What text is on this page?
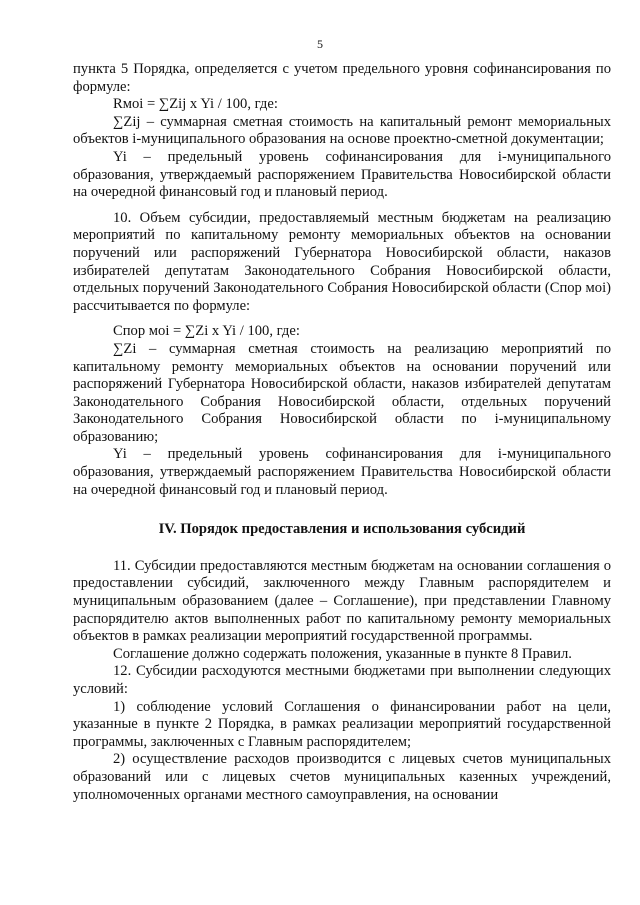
5

пункта 5 Порядка, определяется с учетом предельного уровня софинансирования по формуле:

Rмoi = ∑Zij x Yi / 100, где:

∑Zij – суммарная сметная стоимость на капитальный ремонт мемориальных объектов i-муниципального образования на основе проектно-сметной документации;

Yi – предельный уровень софинансирования для i-муниципального образования, утверждаемый распоряжением Правительства Новосибирской области на очередной финансовый год и плановый период.

10. Объем субсидии, предоставляемый местным бюджетам на реализацию мероприятий по капитальному ремонту мемориальных объектов на основании поручений или распоряжений Губернатора Новосибирской области, наказов избирателей депутатам Законодательного Собрания Новосибирской области, отдельных поручений Законодательного Собрания Новосибирской области (Спор моi) рассчитывается по формуле:

Спор моi = ∑Zi x Yi / 100, где:

∑Zi – суммарная сметная стоимость на реализацию мероприятий по капитальному ремонту мемориальных объектов на основании поручений или распоряжений Губернатора Новосибирской области, наказов избирателей депутатам Законодательного Собрания Новосибирской области, отдельных поручений Законодательного Собрания Новосибирской области по i-муниципальному образованию;

Yi – предельный уровень софинансирования для i-муниципального образования, утверждаемый распоряжением Правительства Новосибирской области на очередной финансовый год и плановый период.

IV. Порядок предоставления и использования субсидий

11. Субсидии предоставляются местным бюджетам на основании соглашения о предоставлении субсидий, заключенного между Главным распорядителем и муниципальным образованием (далее – Соглашение), при представлении Главному распорядителю актов выполненных работ по капитальному ремонту мемориальных объектов в рамках реализации мероприятий государственной программы.

Соглашение должно содержать положения, указанные в пункте 8 Правил.

12. Субсидии расходуются местными бюджетами при выполнении следующих условий:

1) соблюдение условий Соглашения о финансировании работ на цели, указанные в пункте 2 Порядка, в рамках реализации мероприятий государственной программы, заключенных с Главным распорядителем;

2) осуществление расходов производится с лицевых счетов муниципальных образований или с лицевых счетов муниципальных казенных учреждений, уполномоченных органами местного самоуправления, на основании
